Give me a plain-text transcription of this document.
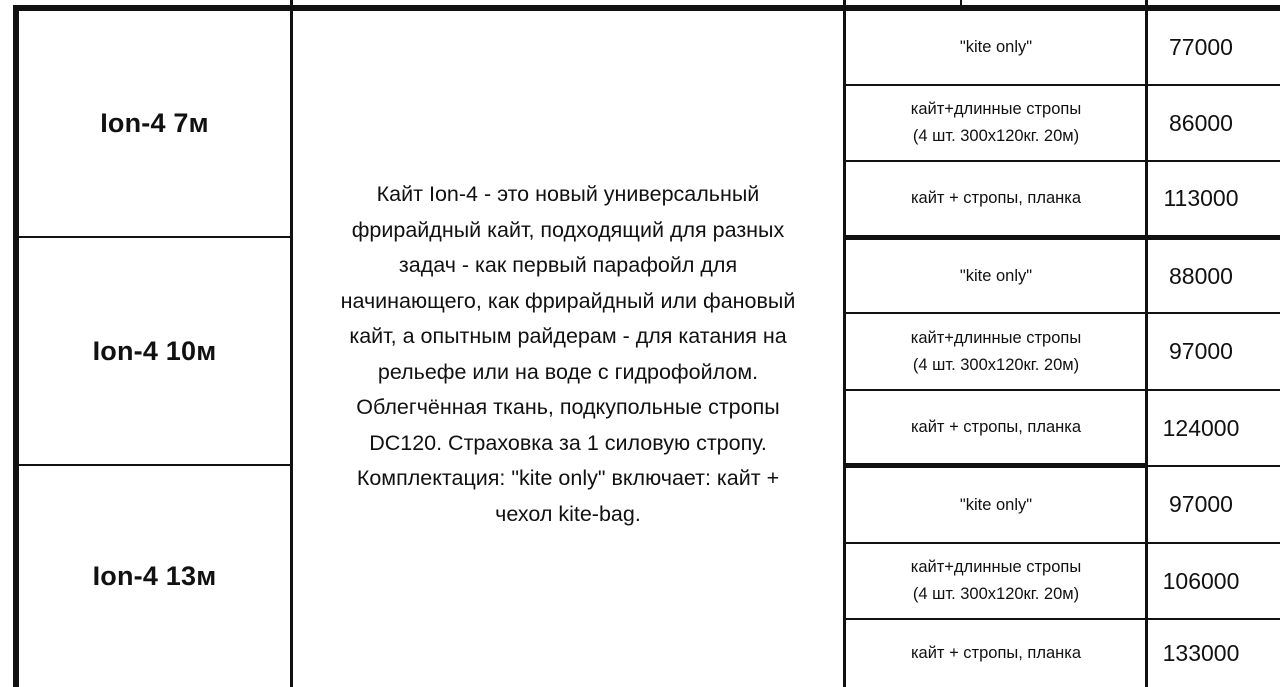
Ion-4 7м
Ion-4 10м
Ion-4 13м
Кайт Ion-4 - это новый универсальный
фрирайдный кайт, подходящий для разных
задач - как первый парафойл для
начинающего, как фрирайдный или фановый
кайт, а опытным райдерам - для катания на
рельефе или на воде с гидрофойлом.
Облегчённая ткань, подкупольные стропы
DC120. Страховка за 1 силовую стропу.
Комплектация: "kite only" включает: кайт +
чехол kite-bag.
"kite only"
кайт+длинные стропы
(4 шт. 300х120кг. 20м)
кайт + стропы, планка
"kite only"
кайт+длинные стропы
(4 шт. 300х120кг. 20м)
кайт + стропы, планка
"kite only"
кайт+длинные стропы
(4 шт. 300х120кг. 20м)
кайт + стропы, планка
77000
86000
113000
88000
97000
124000
97000
106000
133000
